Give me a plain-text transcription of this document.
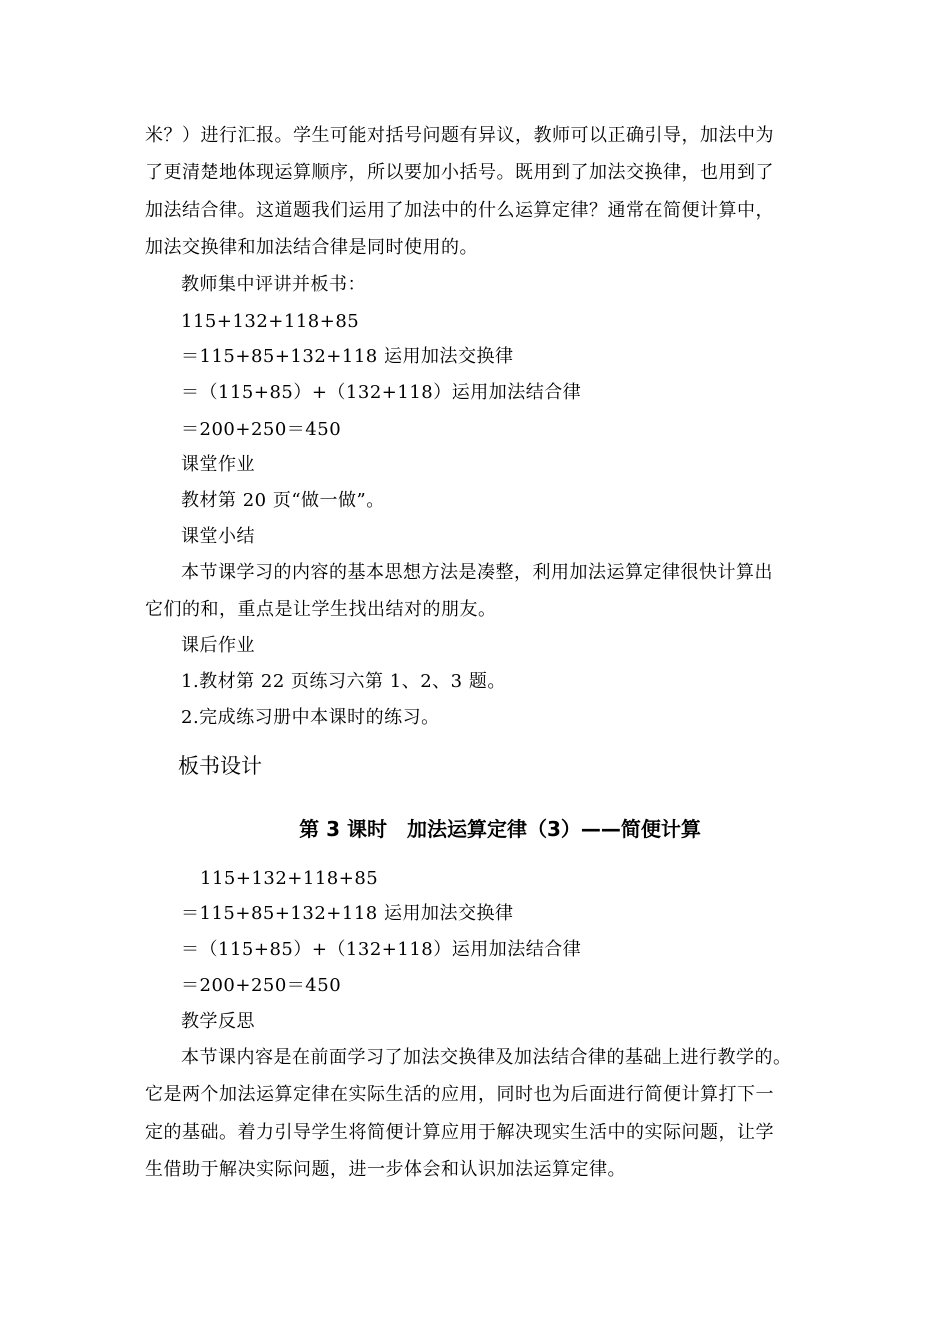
米？）进行汇报。学生可能对括号问题有异议，教师可以正确引导，加法中为
了更清楚地体现运算顺序，所以要加小括号。既用到了加法交换律，也用到了
加法结合律。这道题我们运用了加法中的什么运算定律？通常在简便计算中，
加法交换律和加法结合律是同时使用的。
教师集中评讲并板书：
115+132+118+85
＝115+85+132+118 运用加法交换律
＝（115+85）+（132+118）运用加法结合律
＝200+250＝450
课堂作业
教材第 20 页“做一做”。
课堂小结
本节课学习的内容的基本思想方法是凑整，利用加法运算定律很快计算出
它们的和，重点是让学生找出结对的朋友。
课后作业
1.教材第 22 页练习六第 1、2、3 题。
2.完成练习册中本课时的练习。
板书设计
第 3 课时　加法运算定律（3）——简便计算
115+132+118+85
＝115+85+132+118 运用加法交换律
＝（115+85）+（132+118）运用加法结合律
＝200+250＝450
教学反思
本节课内容是在前面学习了加法交换律及加法结合律的基础上进行教学的。
它是两个加法运算定律在实际生活的应用，同时也为后面进行简便计算打下一
定的基础。着力引导学生将简便计算应用于解决现实生活中的实际问题，让学
生借助于解决实际问题，进一步体会和认识加法运算定律。
